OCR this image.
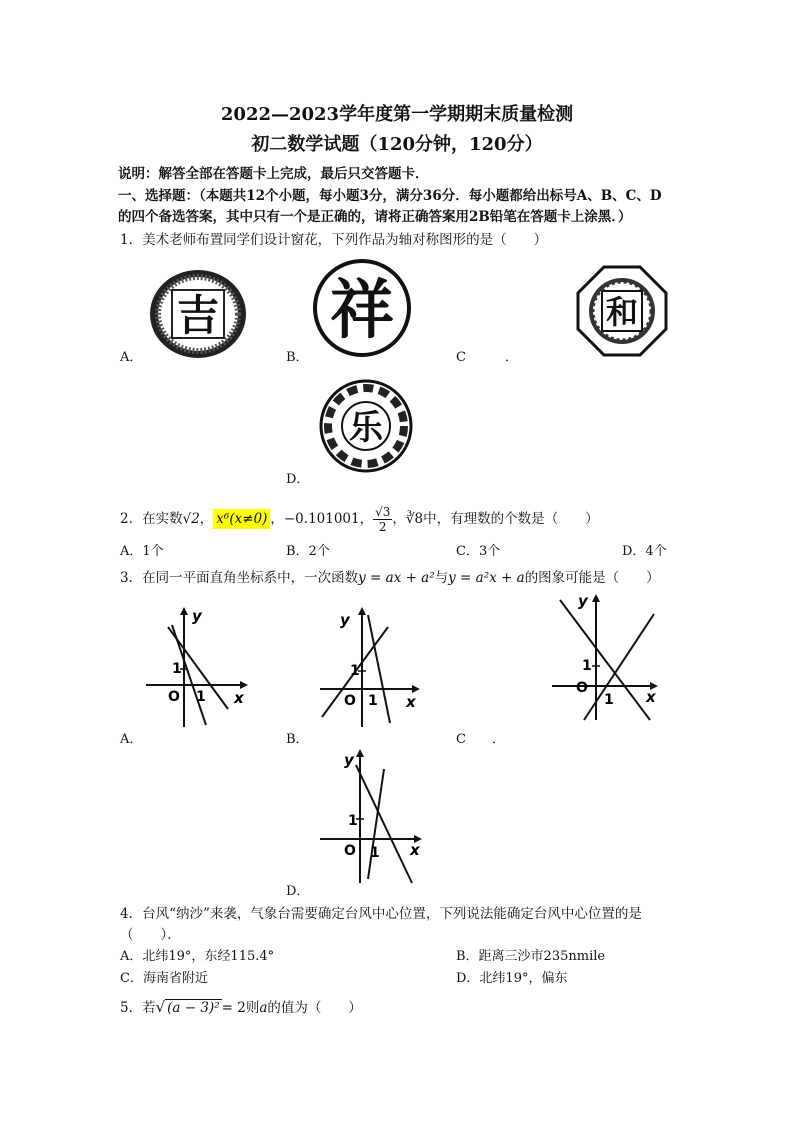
2022—2023学年度第一学期期末质量检测
初二数学试题（120分钟，120分）
说明：解答全部在答题卡上完成，最后只交答题卡．
一、选择题：（本题共12个小题，每小题3分，满分36分．每小题都给出标号A、B、C、D
的四个备选答案，其中只有一个是正确的，请将正确答案用2B铅笔在答题卡上涂黑．）
1．美术老师布置同学们设计窗花，下列作品为轴对称图形的是（　　）
吉
A．
祥
B．
和
C　　　．
乐
D．
2．在实数√2， x⁶(x≠0) ，−0.101001， $\frac{√3}{2}$ ，∛8中，有理数的个数是（　　）
A．1个	B．2个	C．3个	D．4个
3．在同一平面直角坐标系中，一次函数y = ax + a²与y = a²x + a的图象可能是（　　）
y
x
O
1
1
A．
y
x
O
1
1
B．
y
x
O
1
1
C　　．
y
x
O
1
1
D．
4．台风“纳沙”来袭，气象台需要确定台风中心位置，下列说法能确定台风中心位置的是
（　　）．
A．北纬19°，东经115.4°	B．距离三沙市235nmile
C．海南省附近	D．北纬19°，偏东
5．若√ (a − 3)² = 2则a的值为（　　）
